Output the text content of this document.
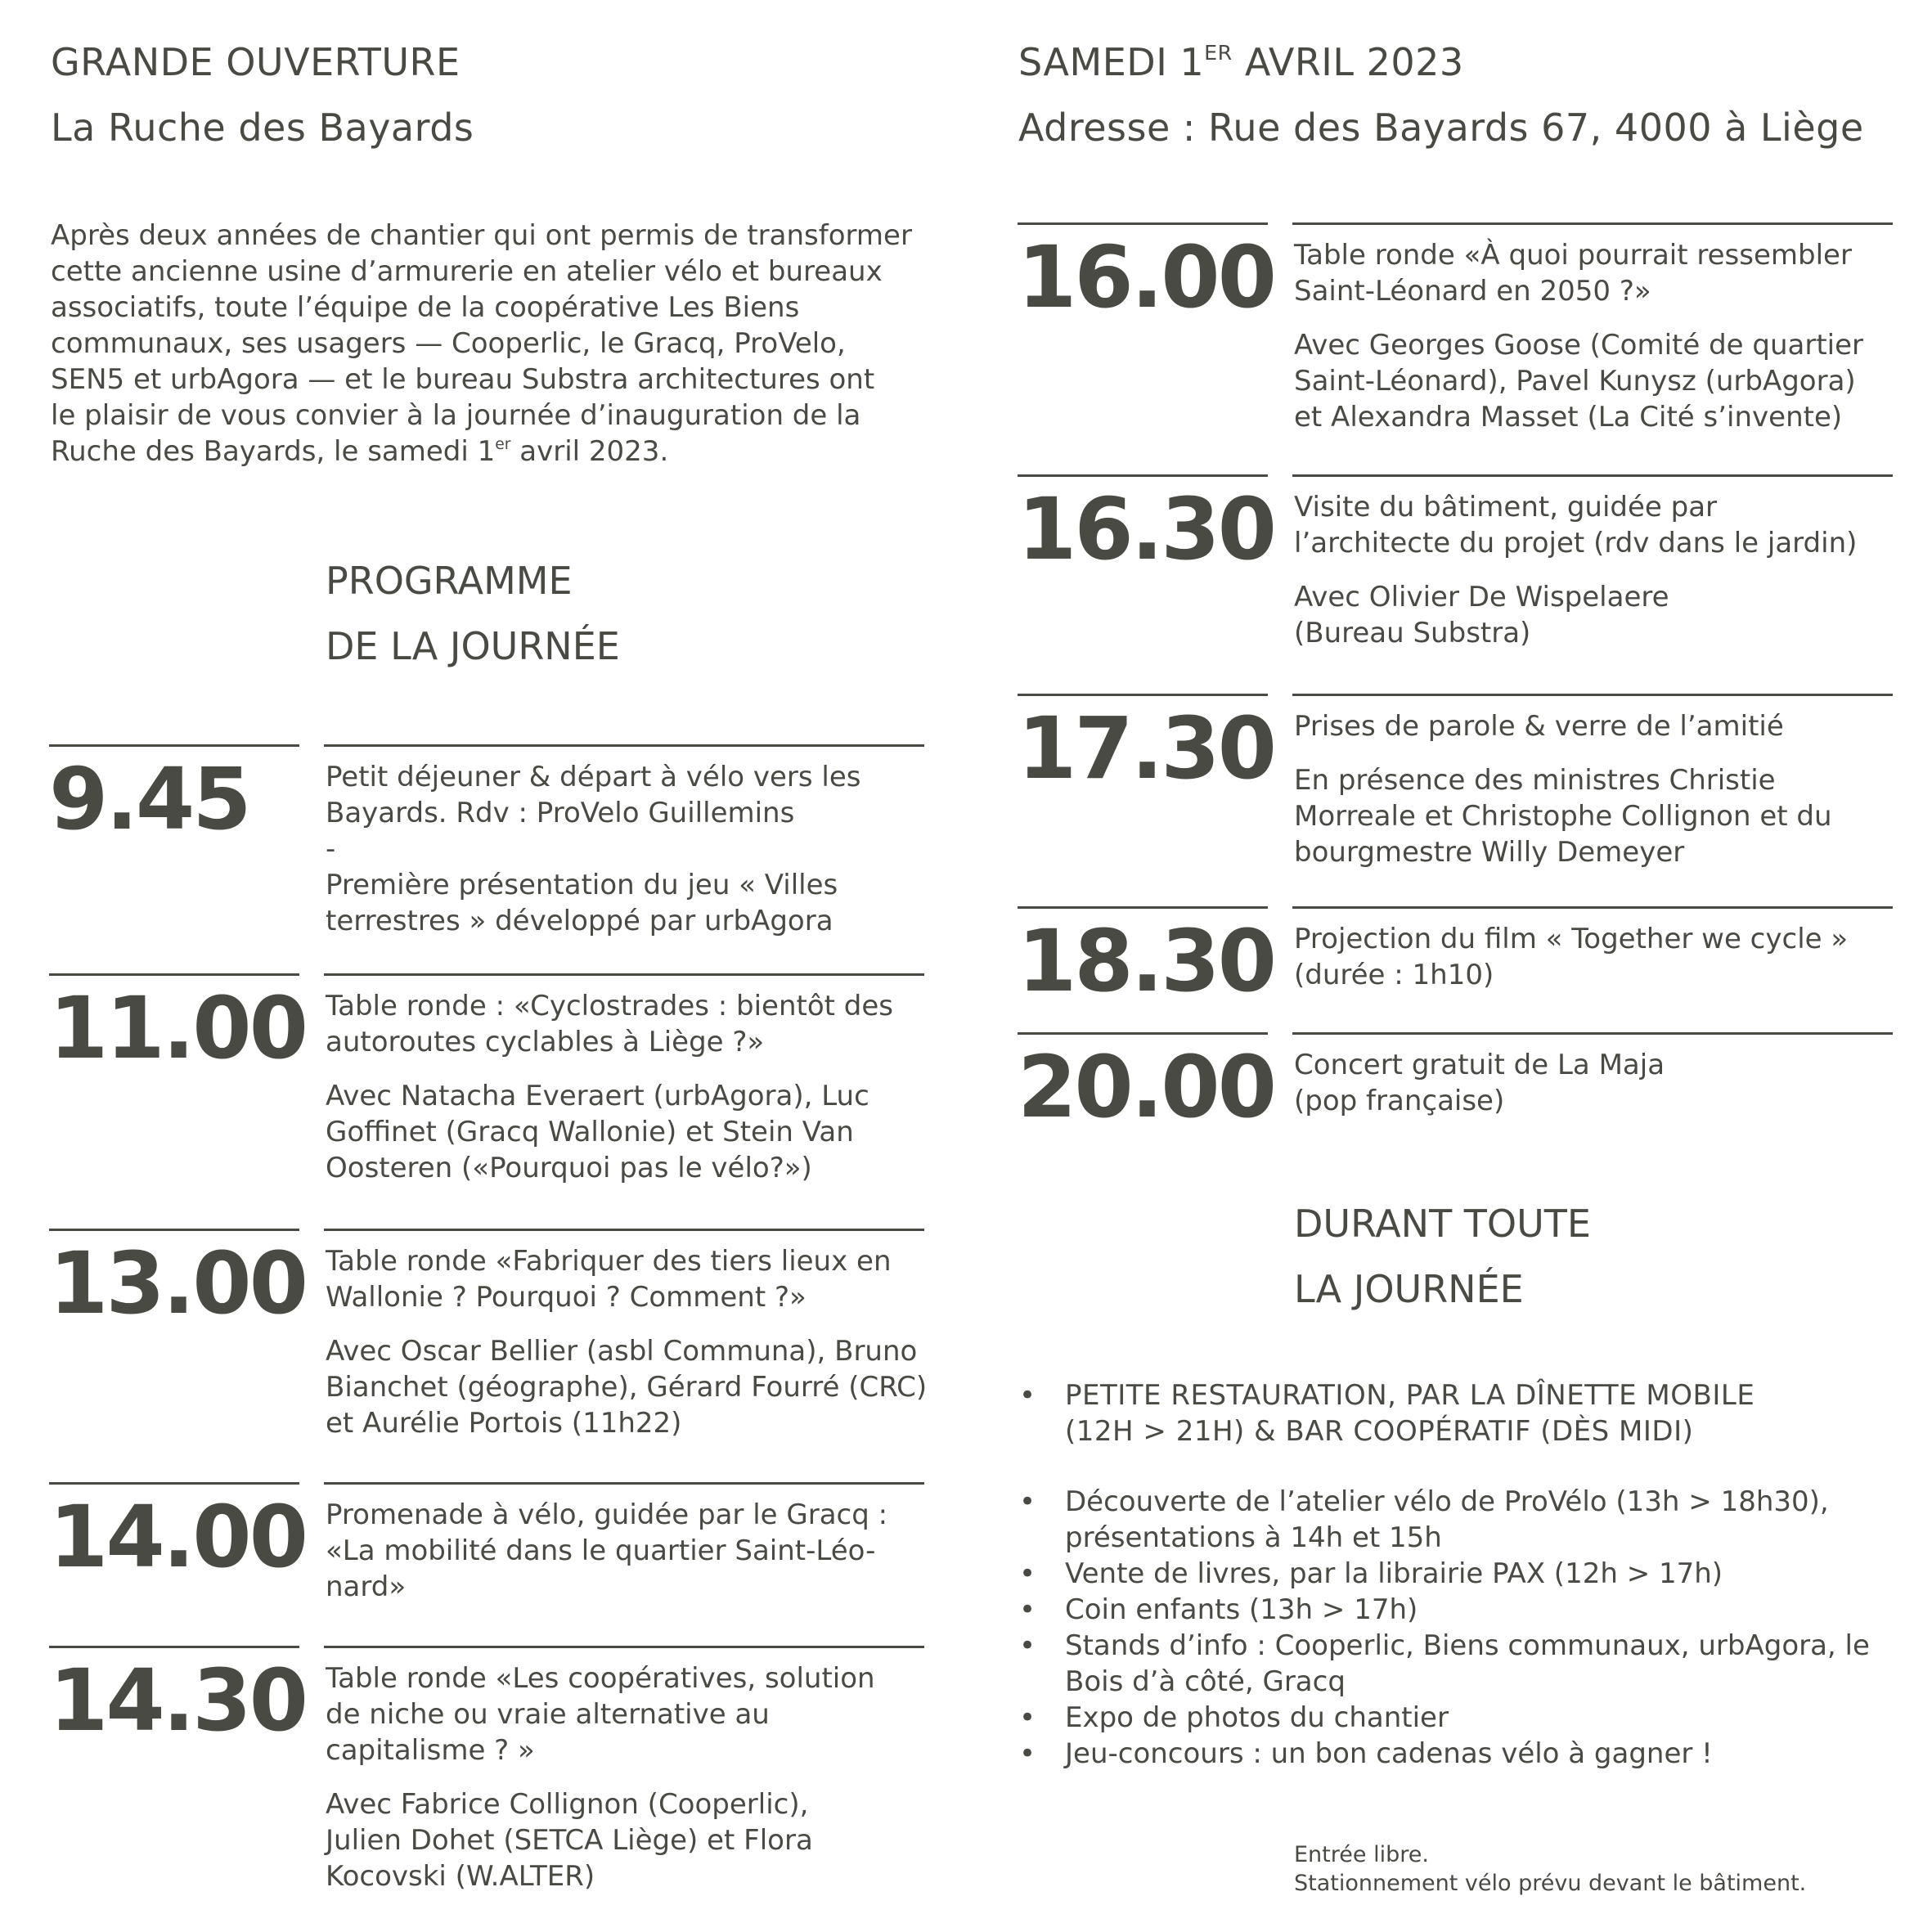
GRANDE OUVERTURE
La Ruche des Bayards
SAMEDI 1ER AVRIL 2023
Adresse : Rue des Bayards 67, 4000 à Liège
Après deux années de chantier qui ont permis de transformer
cette ancienne usine d’armurerie en atelier vélo et bureaux
associatifs, toute l’équipe de la coopérative Les Biens
communaux, ses usagers — Cooperlic, le Gracq, ProVelo,
SEN5 et urbAgora — et le bureau Substra architectures ont
le plaisir de vous convier à la journée d’inauguration de la
Ruche des Bayards, le samedi 1er avril 2023.
PROGRAMME
DE LA JOURNÉE
9.45	Petit déjeuner & départ à vélo vers les
Bayards. Rdv : ProVelo Guillemins
-
Première présentation du jeu « Villes
terrestres » développé par urbAgora
11.00 Table ronde : «Cyclostrades : bientôt des
autoroutes cyclables à Liège ?»
Avec Natacha Everaert (urbAgora), Luc
Goffinet (Gracq Wallonie) et Stein Van
Oosteren («Pourquoi pas le vélo?»)
13.00 Table ronde «Fabriquer des tiers lieux en
Wallonie ? Pourquoi ? Comment ?»
Avec Oscar Bellier (asbl Communa), Bruno
Bianchet (géographe), Gérard Fourré (CRC)
et Aurélie Portois (11h22)
14.00 Promenade à vélo, guidée par le Gracq :
«La mobilité dans le quartier Saint-Léo-
nard»
14.30 Table ronde «Les coopératives, solution
de niche ou vraie alternative au
capitalisme ? »
Avec Fabrice Collignon (Cooperlic),
Julien Dohet (SETCA Liège) et Flora
Kocovski (W.ALTER)
16.00 Table ronde «À quoi pourrait ressembler
Saint-Léonard en 2050 ?»
Avec Georges Goose (Comité de quartier
Saint-Léonard), Pavel Kunysz (urbAgora)
et Alexandra Masset (La Cité s’invente)
16.30 Visite du bâtiment, guidée par
l’architecte du projet (rdv dans le jardin)
Avec Olivier De Wispelaere
(Bureau Substra)
17.30 Prises de parole & verre de l’amitié
En présence des ministres Christie
Morreale et Christophe Collignon et du
bourgmestre Willy Demeyer
18.30 Projection du film « Together we cycle »
(durée : 1h10)
20.00 Concert gratuit de La Maja
(pop française)
DURANT TOUTE
LA JOURNÉE
• PETITE RESTAURATION, PAR LA DÎNETTE MOBILE
(12H > 21H) & BAR COOPÉRATIF (DÈS MIDI)
• Découverte de l’atelier vélo de ProVélo (13h > 18h30),
présentations à 14h et 15h
• Vente de livres, par la librairie PAX (12h > 17h)
• Coin enfants (13h > 17h)
• Stands d’info : Cooperlic, Biens communaux, urbAgora, le
Bois d’à côté, Gracq
• Expo de photos du chantier
• Jeu-concours : un bon cadenas vélo à gagner !
Entrée libre.
Stationnement vélo prévu devant le bâtiment.
